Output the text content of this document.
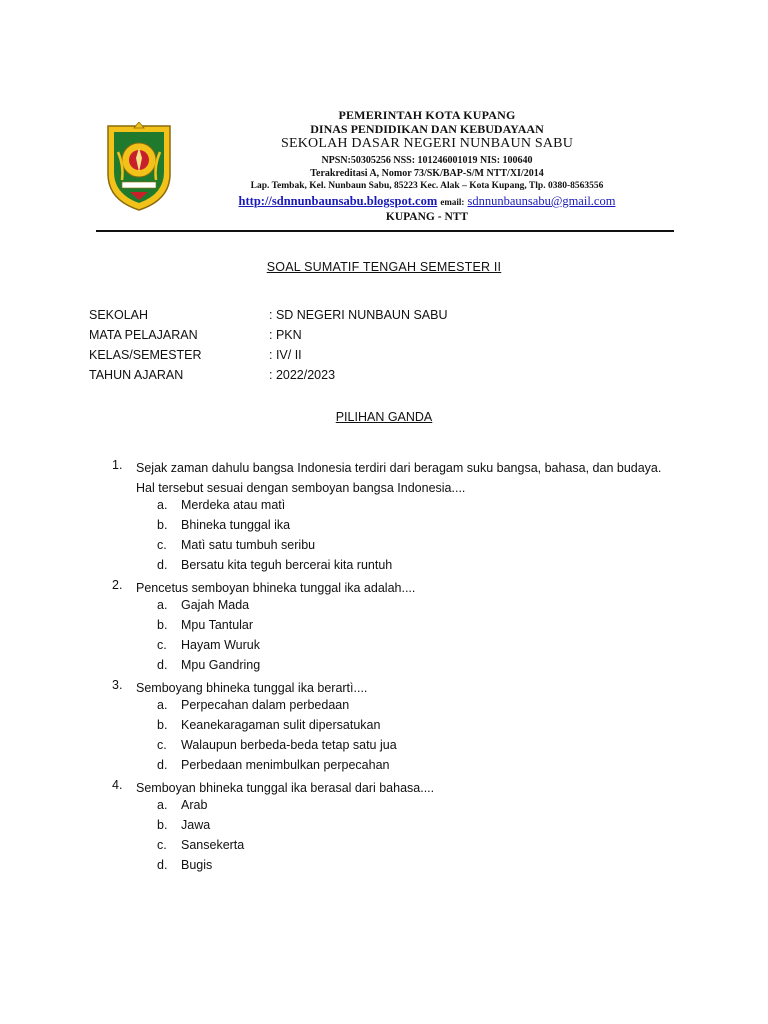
PEMERINTAH KOTA KUPANG
DINAS PENDIDIKAN DAN KEBUDAYAAN
SEKOLAH DASAR NEGERI NUNBAUN SABU
NPSN:50305256 NSS: 101246001019 NIS: 100640
Terakreditasi A, Nomor 73/SK/BAP-S/M NTT/XI/2014
Lap. Tembak, Kel. Nunbaun Sabu, 85223 Kec. Alak – Kota Kupang, Tlp. 0380-8563556
http://sdnnunbaunsabu.blogspot.com email: sdnnunbaunsabu@gmail.com
KUPANG - NTT
SOAL SUMATIF TENGAH SEMESTER II
SEKOLAH	: SD NEGERI NUNBAUN SABU
MATA PELAJARAN	: PKN
KELAS/SEMESTER	: IV/ II
TAHUN AJARAN	: 2022/2023
PILIHAN GANDA
1. Sejak zaman dahulu bangsa Indonesia terdiri dari beragam suku bangsa, bahasa, dan budaya. Hal tersebut sesuai dengan semboyan bangsa Indonesia....
a. Merdeka atau matì
b. Bhineka tunggal ika
c. Matì satu tumbuh seribu
d. Bersatu kita teguh bercerai kita runtuh
2. Pencetus semboyan bhineka tunggal ika adalah....
a. Gajah Mada
b. Mpu Tantular
c. Hayam Wuruk
d. Mpu Gandring
3. Semboyang bhineka tunggal ika berartì....
a. Perpecahan dalam perbedaan
b. Keanekaragaman sulit dipersatukan
c. Walaupun berbeda-beda tetap satu jua
d. Perbedaan menimbulkan perpecahan
4. Semboyan bhineka tunggal ika berasal dari bahasa....
a. Arab
b. Jawa
c. Sansekerta
d. Bugis
